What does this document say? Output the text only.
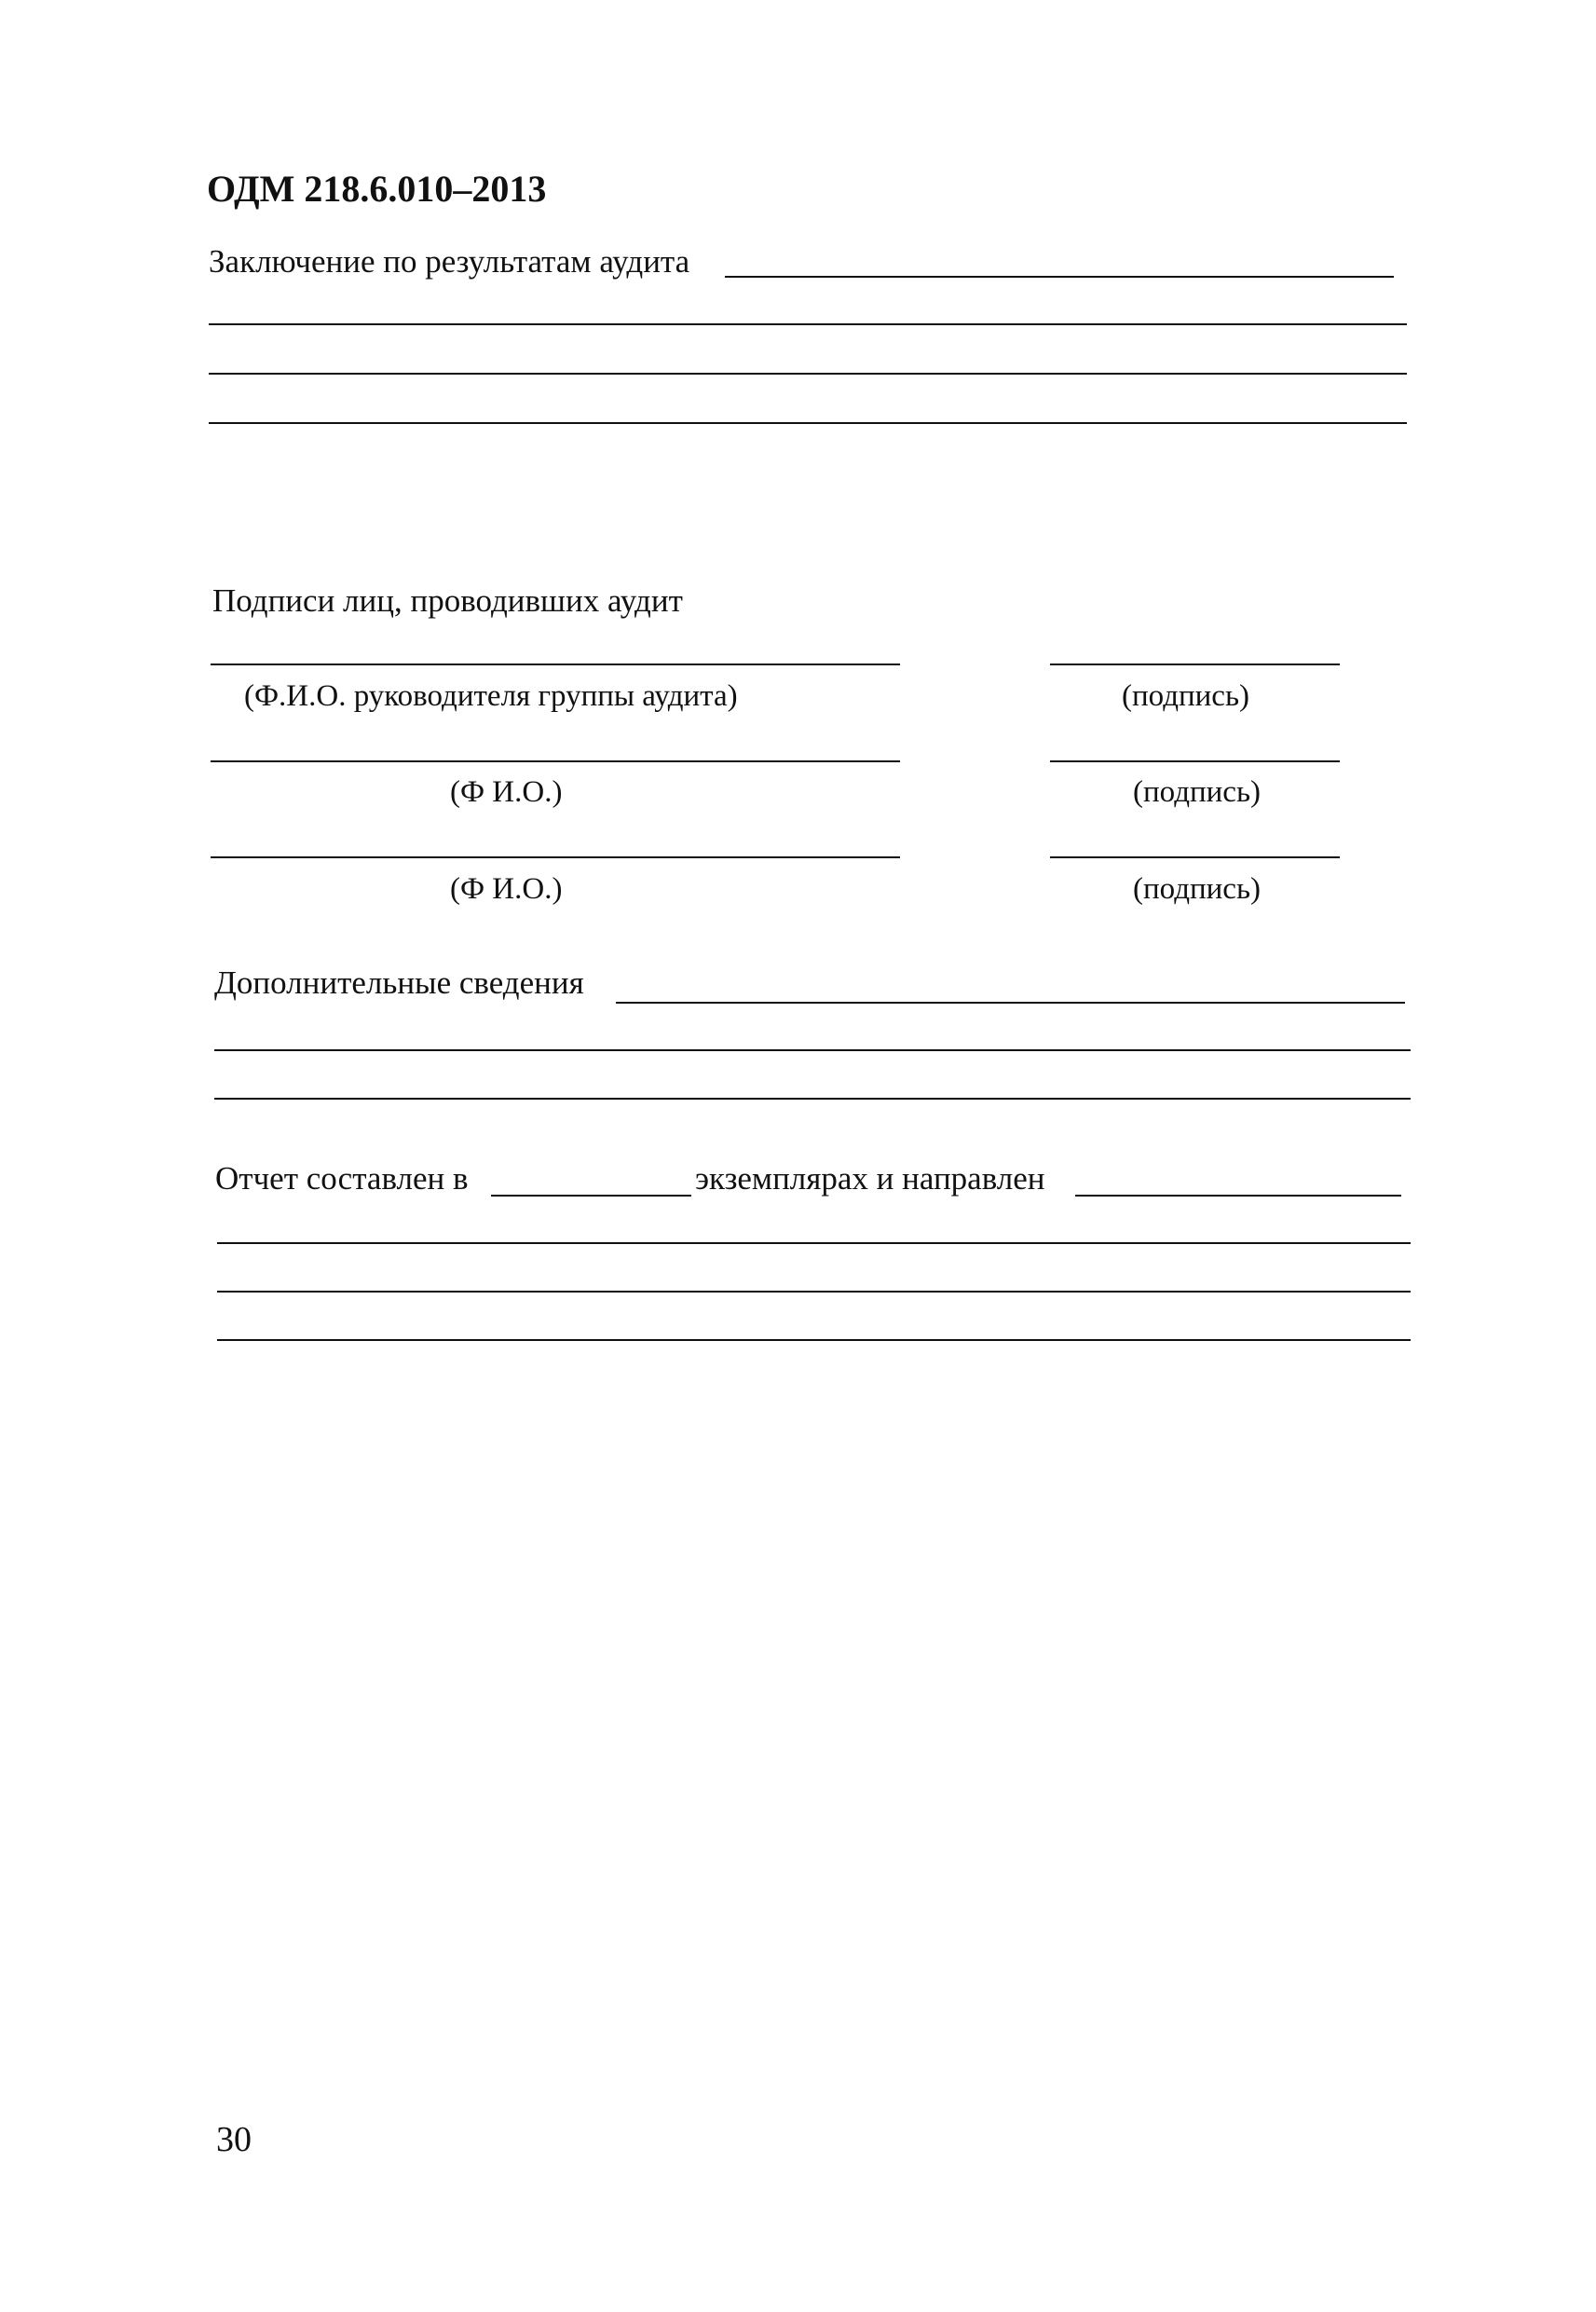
ОДМ 218.6.010–2013
Заключение по результатам аудита
Подписи лиц, проводивших аудит
(Ф.И.О. руководителя группы аудита)	(подпись)
(Ф И.О.)	(подпись)
(Ф И.О.)	(подпись)
Дополнительные сведения
Отчет составлен в	экземплярах и направлен
30
